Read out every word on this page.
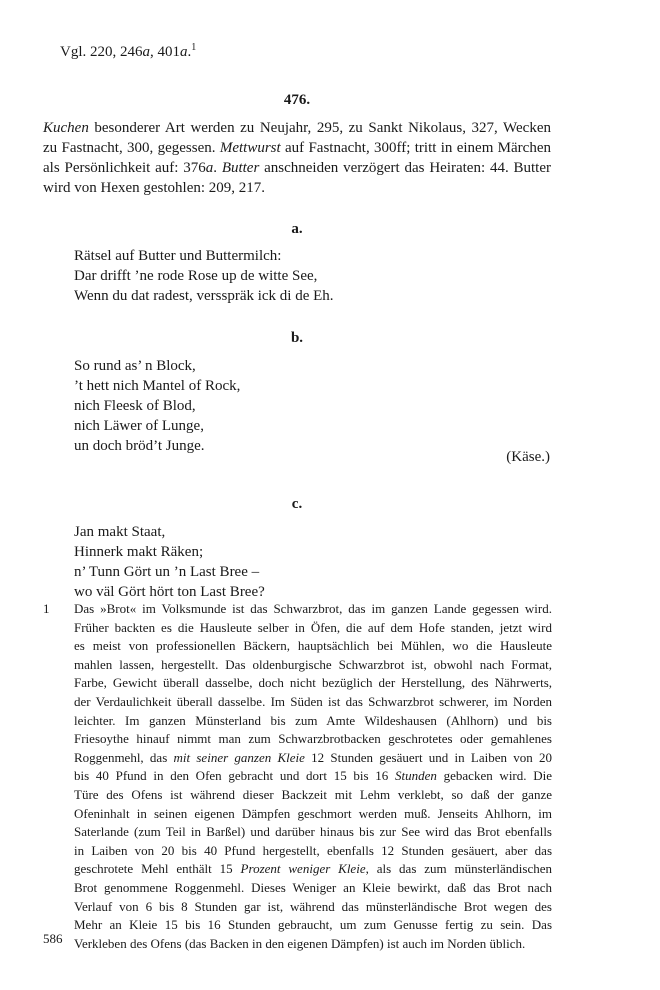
Vgl. 220, 246a, 401a.$^1$
476.
Kuchen besonderer Art werden zu Neujahr, 295, zu Sankt Nikolaus, 327, Wecken
zu Fastnacht, 300, gegessen. Mettwurst auf Fastnacht, 300ff; tritt in einem Märchen
als Persönlichkeit auf: 376a. Butter anschneiden verzögert das Heiraten: 44. Butter
wird von Hexen gestohlen: 209, 217.
a.
Rätsel auf Butter und Buttermilch:
Dar drifft ’ne rode Rose up de witte See,
Wenn du dat radest, versspräk ick di de Eh.
b.
So rund as’ n Block,
’t hett nich Mantel of Rock,
nich Fleesk of Blod,
nich Läwer of Lunge,
un doch bröd’t Junge.
(Käse.)
c.
Jan makt Staat,
Hinnerk makt Räken;
n’ Tunn Gört un ’n Last Bree –
wo väl Gört hört ton Last Bree?
1 Das »Brot« im Volksmunde ist das Schwarzbrot, das im ganzen Lande gegessen wird.
Früher backten es die Hausleute selber in Öfen, die auf dem Hofe standen, jetzt wird
es meist von professionellen Bäckern, hauptsächlich bei Mühlen, wo die Hausleute
mahlen lassen, hergestellt. Das oldenburgische Schwarzbrot ist, obwohl nach Format,
Farbe, Gewicht überall dasselbe, doch nicht bezüglich der Herstellung, des Nährwerts,
der Verdaulichkeit überall dasselbe. Im Süden ist das Schwarzbrot schwerer, im Norden
leichter. Im ganzen Münsterland bis zum Amte Wildeshausen (Ahlhorn) und bis
Friesoythe hinauf nimmt man zum Schwarzbrotbacken geschrotetes oder gemahlenes
Roggenmehl, das mit seiner ganzen Kleie 12 Stunden gesäuert und in Laiben von 20
bis 40 Pfund in den Ofen gebracht und dort 15 bis 16 Stunden gebacken wird. Die
Türe des Ofens ist während dieser Backzeit mit Lehm verklebt, so daß der ganze
Ofeninhalt in seinen eigenen Dämpfen geschmort werden muß. Jenseits Ahlhorn, im
Saterlande (zum Teil in Barßel) und darüber hinaus bis zur See wird das Brot ebenfalls
in Laiben von 20 bis 40 Pfund hergestellt, ebenfalls 12 Stunden gesäuert, aber das
geschrotete Mehl enthält 15 Prozent weniger Kleie, als das zum münsterländischen
Brot genommene Roggenmehl. Dieses Weniger an Kleie bewirkt, daß das Brot nach
Verlauf von 6 bis 8 Stunden gar ist, während das münsterländische Brot wegen des
Mehr an Kleie 15 bis 16 Stunden gebraucht, um zum Genusse fertig zu sein. Das
Verkleben des Ofens (das Backen in den eigenen Dämpfen) ist auch im Norden üblich.
586
